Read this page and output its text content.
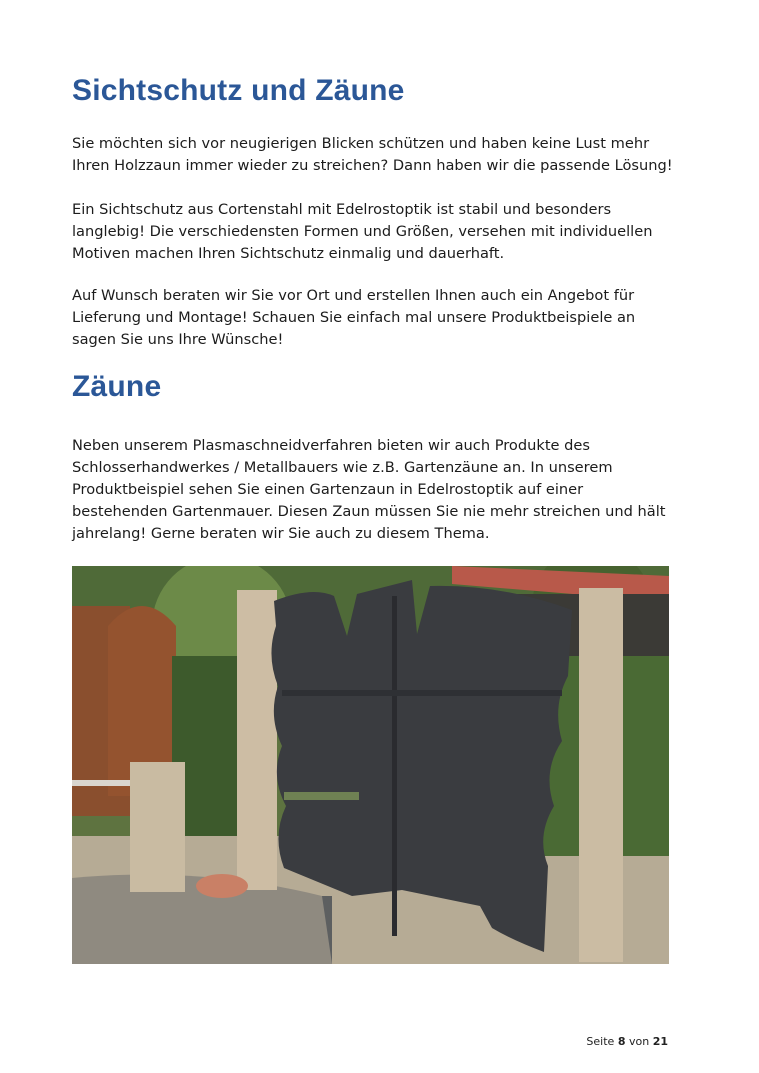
Sichtschutz und Zäune

Sie möchten sich vor neugierigen Blicken schützen und haben keine Lust mehr Ihren Holzzaun immer wieder zu streichen? Dann haben wir die passende Lösung!

Ein Sichtschutz aus Cortenstahl mit Edelrostoptik ist stabil und besonders langlebig! Die verschiedensten Formen und Größen, versehen mit individuellen Motiven machen Ihren Sichtschutz einmalig und dauerhaft.

Auf Wunsch beraten wir Sie vor Ort und erstellen Ihnen auch ein Angebot für Lieferung und Montage! Schauen Sie einfach mal unsere Produktbeispiele an sagen Sie uns Ihre Wünsche!

Zäune

Neben unserem Plasmaschneidverfahren bieten wir auch Produkte des Schlosserhandwerkes / Metallbauers wie z.B. Gartenzäune an. In unserem Produktbeispiel sehen Sie einen Gartenzaun in Edelrostoptik auf einer bestehenden Gartenmauer. Diesen Zaun müssen Sie nie mehr streichen und hält jahrelang! Gerne beraten wir Sie auch zu diesem Thema.

Seite 8 von 21
